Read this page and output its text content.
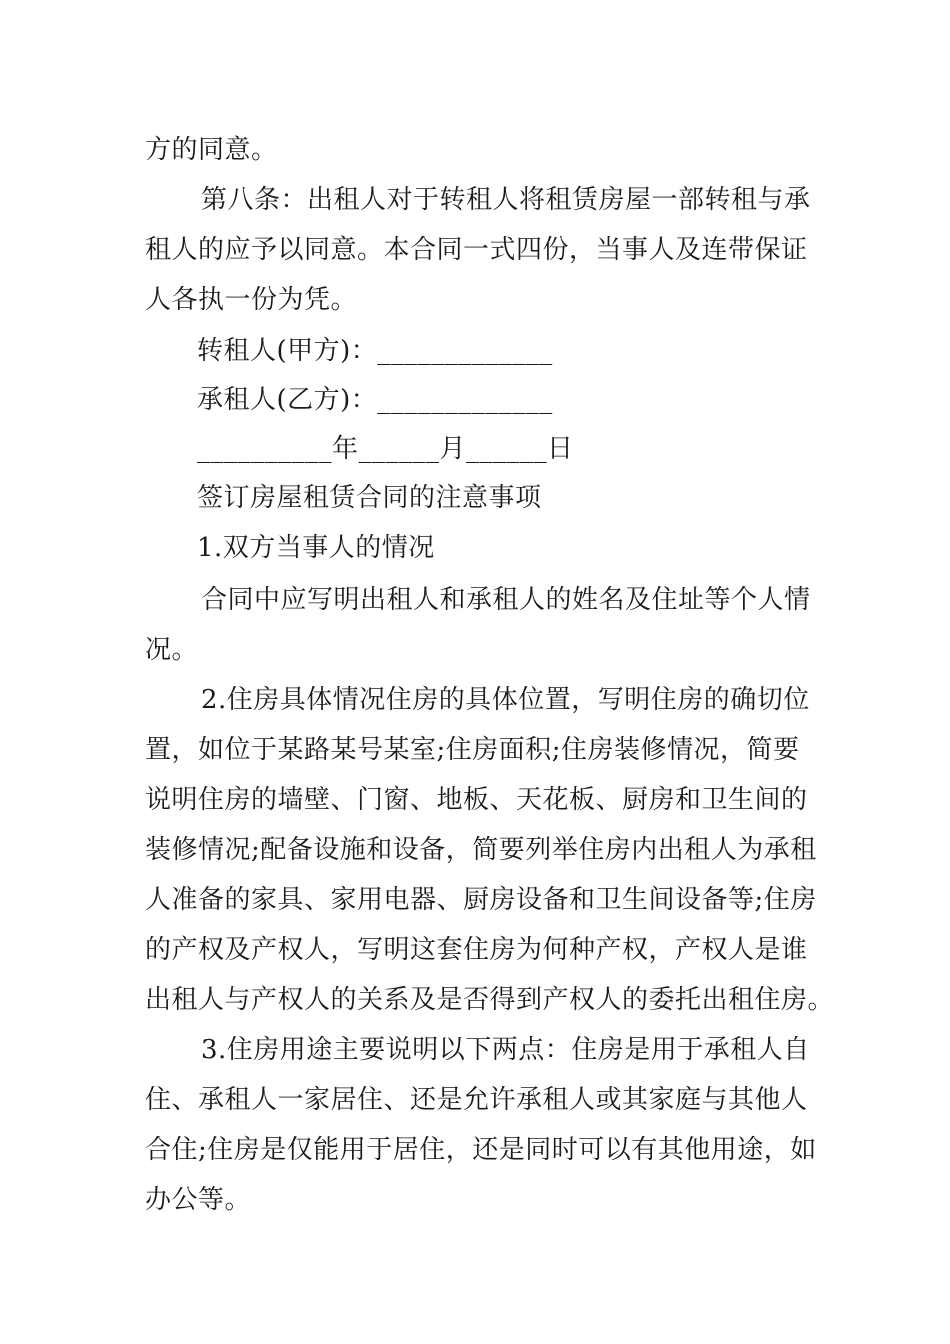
方的同意。
第八条：出租人对于转租人将租赁房屋一部转租与承
租人的应予以同意。本合同一式四份，当事人及连带保证
人各执一份为凭。
转租人(甲方)：_____________
承租人(乙方)：_____________
__________年______月______日
签订房屋租赁合同的注意事项
1.双方当事人的情况
合同中应写明出租人和承租人的姓名及住址等个人情
况。
2.住房具体情况住房的具体位置，写明住房的确切位
置，如位于某路某号某室;住房面积;住房装修情况，简要
说明住房的墙壁、门窗、地板、天花板、厨房和卫生间的
装修情况;配备设施和设备，简要列举住房内出租人为承租
人准备的家具、家用电器、厨房设备和卫生间设备等;住房
的产权及产权人，写明这套住房为何种产权，产权人是谁
出租人与产权人的关系及是否得到产权人的委托出租住房。
3.住房用途主要说明以下两点：住房是用于承租人自
住、承租人一家居住、还是允许承租人或其家庭与其他人
合住;住房是仅能用于居住，还是同时可以有其他用途，如
办公等。
